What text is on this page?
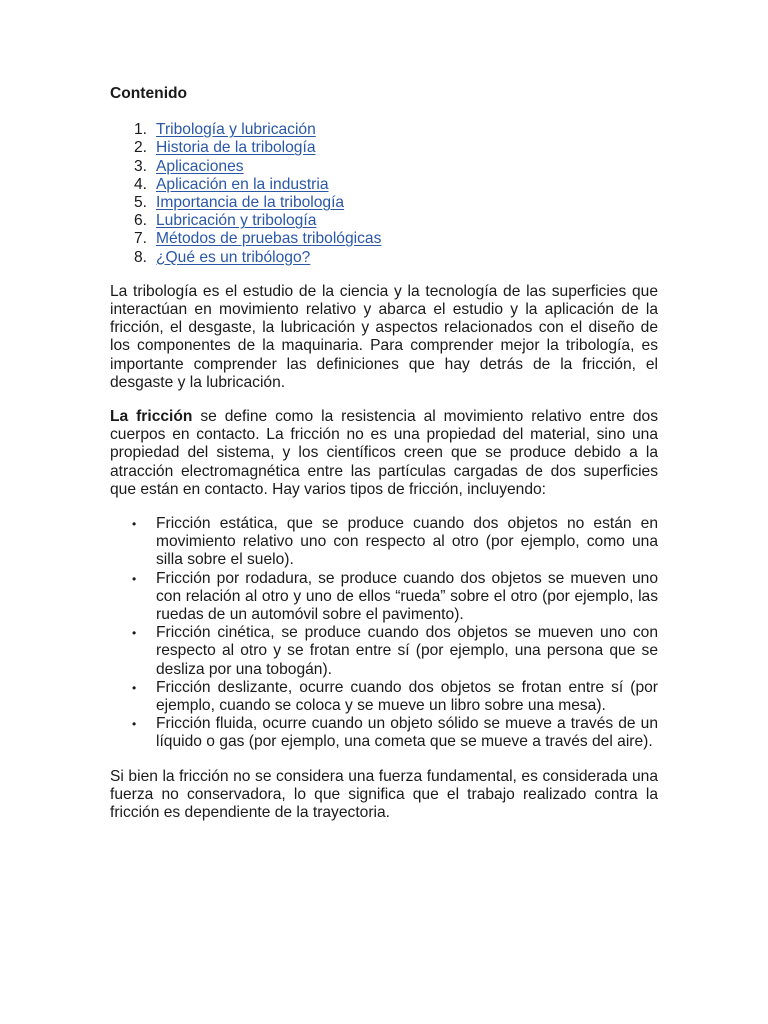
Contenido
1. Tribología y lubricación
2. Historia de la tribología
3. Aplicaciones
4. Aplicación en la industria
5. Importancia de la tribología
6. Lubricación y tribología
7. Métodos de pruebas tribológicas
8. ¿Qué es un tribólogo?

La tribología es el estudio de la ciencia y la tecnología de las superficies que interactúan en movimiento relativo y abarca el estudio y la aplicación de la fricción, el desgaste, la lubricación y aspectos relacionados con el diseño de los componentes de la maquinaria. Para comprender mejor la tribología, es importante comprender las definiciones que hay detrás de la fricción, el desgaste y la lubricación.

La fricción se define como la resistencia al movimiento relativo entre dos cuerpos en contacto. La fricción no es una propiedad del material, sino una propiedad del sistema, y los científicos creen que se produce debido a la atracción electromagnética entre las partículas cargadas de dos superficies que están en contacto. Hay varios tipos de fricción, incluyendo:

•	Fricción estática, que se produce cuando dos objetos no están en movimiento relativo uno con respecto al otro (por ejemplo, como una silla sobre el suelo).
•	Fricción por rodadura, se produce cuando dos objetos se mueven uno con relación al otro y uno de ellos “rueda” sobre el otro (por ejemplo, las ruedas de un automóvil sobre el pavimento).
•	Fricción cinética, se produce cuando dos objetos se mueven uno con respecto al otro y se frotan entre sí (por ejemplo, una persona que se desliza por una tobogán).
•	Fricción deslizante, ocurre cuando dos objetos se frotan entre sí (por ejemplo, cuando se coloca y se mueve un libro sobre una mesa).
•	Fricción fluida, ocurre cuando un objeto sólido se mueve a través de un líquido o gas (por ejemplo, una cometa que se mueve a través del aire).

Si bien la fricción no se considera una fuerza fundamental, es considerada una fuerza no conservadora, lo que significa que el trabajo realizado contra la fricción es dependiente de la trayectoria.
